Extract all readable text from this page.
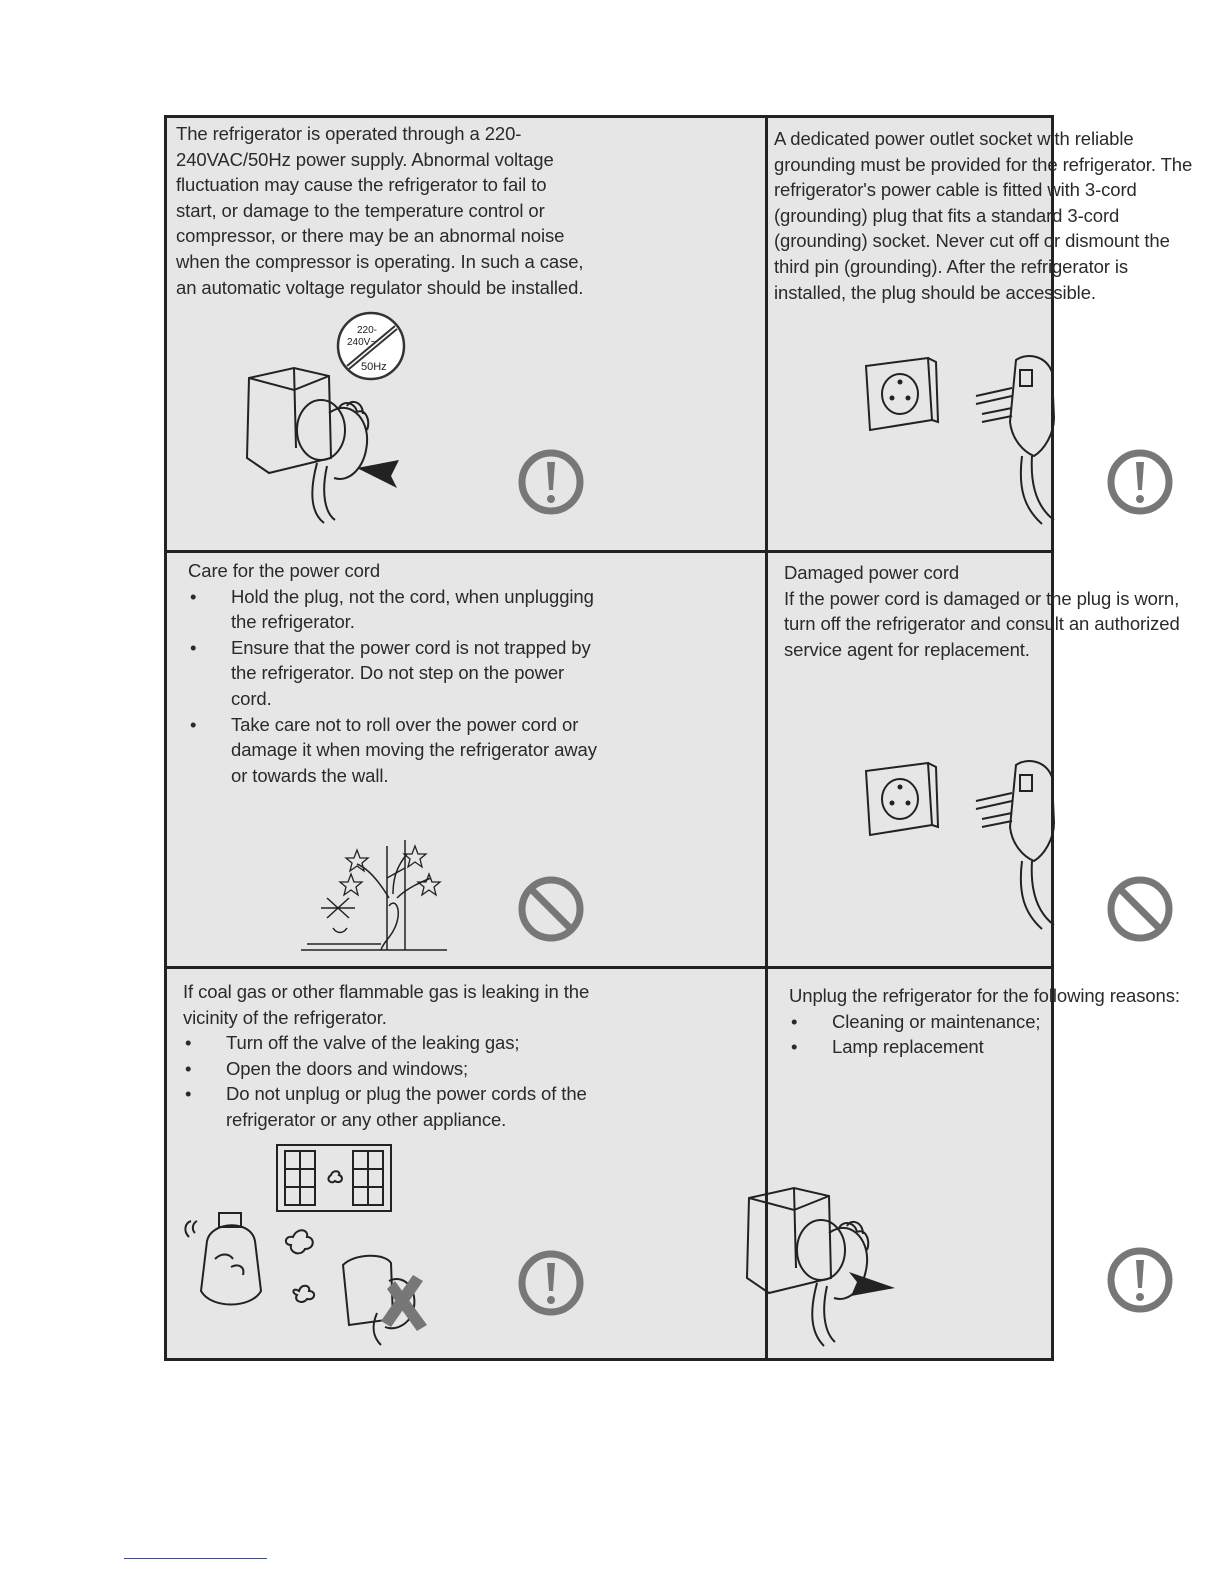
The refrigerator is operated through a 220-240VAC/50Hz power supply. Abnormal voltage fluctuation may cause the refrigerator to fail to start, or damage to the temperature control or compressor, or there may be an abnormal noise when the compressor is operating. In such a case, an automatic voltage regulator should be installed.
220-
240V~
50Hz
A dedicated power outlet socket with reliable grounding must be provided for the refrigerator. The refrigerator's power cable is fitted with 3-cord (grounding) plug that fits a standard 3-cord (grounding) socket. Never cut off or dismount the third pin (grounding). After the refrigerator is installed, the plug should be accessible.

Care for the power cord

• Hold the plug, not the cord, when unplugging the refrigerator.
• Ensure that the power cord is not trapped by the refrigerator. Do not step on the power cord.
• Take care not to roll over the power cord or damage it when moving the refrigerator away or towards the wall.

Damaged power cord

If the power cord is damaged or the plug is worn, turn off the refrigerator and consult an authorized service agent for replacement.

If coal gas or other flammable gas is leaking in the vicinity of the refrigerator.

• Turn off the valve of the leaking gas;
• Open the doors and windows;
• Do not unplug or plug the power cords of the refrigerator or any other appliance.

Unplug the refrigerator for the following reasons:

• Cleaning or maintenance;
• Lamp replacement
